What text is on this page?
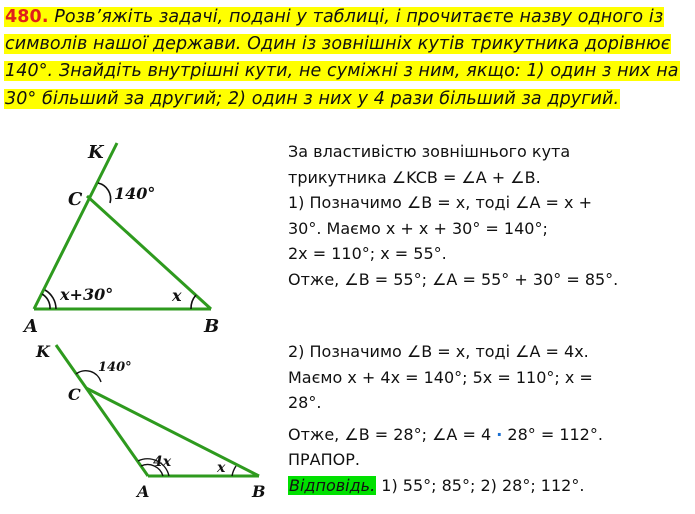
480. Розв’яжіть задачі, подані у таблиці, і прочитаєте назву одного із символів нашої держави. Один із зовнішніх кутів трикутника дорівнює 140°. Знайдіть внутрішні кути, не суміжні з ним, якщо: 1) один з них на 30° більший за другий; 2) один з них у 4 рази більший за другий.
K
C 140°
x+30°	x
A	B
K
C
140°
4x	x
A	B
За властивістю зовнішнього кута
трикутника ∠KCB = ∠A + ∠B.
1) Позначимо ∠B = x, тоді ∠A = x +
30°. Маємо x + x + 30° = 140°;
2x = 110°; x = 55°.
Отже, ∠B = 55°; ∠A = 55° + 30° = 85°.
2) Позначимо ∠B = x, тоді ∠A = 4x.
Маємо x + 4x = 140°; 5x = 110°; x =
28°.
Отже, ∠B = 28°; ∠A = 4 · 28° = 112°.
ПРАПОР.
Відповідь. 1) 55°; 85°; 2) 28°; 112°.
